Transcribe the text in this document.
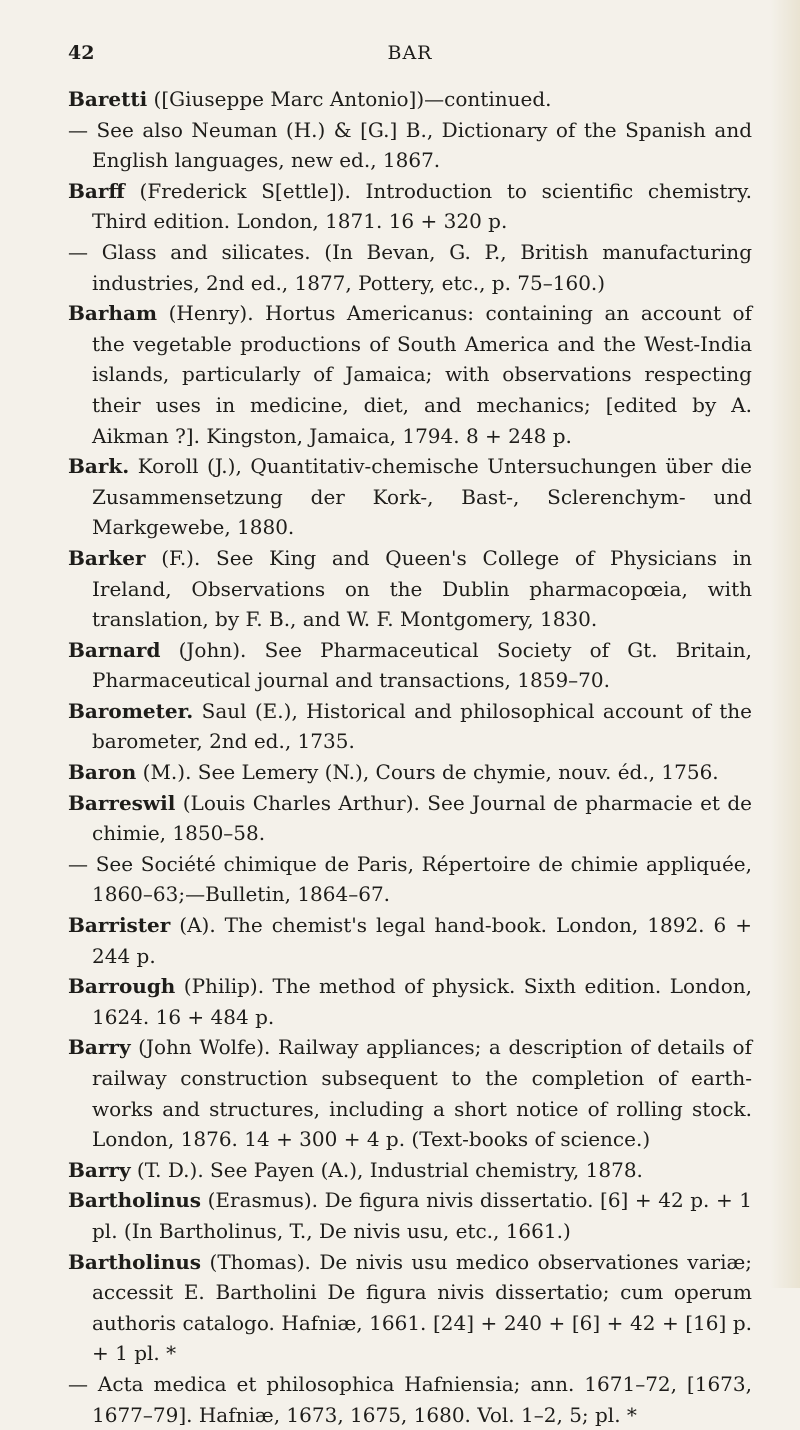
42	BAR

Baretti ([Giuseppe Marc Antonio])—continued.

— See also Neuman (H.) & [G.] B., Dictionary of the Spanish and English languages, new ed., 1867.

Barff (Frederick S[ettle]). Introduction to scientific chemistry. Third edition. London, 1871. 16 + 320 p.

— Glass and silicates. (In Bevan, G. P., British manufacturing industries, 2nd ed., 1877, Pottery, etc., p. 75–160.)

Barham (Henry). Hortus Americanus: containing an account of the vegetable productions of South America and the West-India islands, particularly of Jamaica; with observations respecting their uses in medicine, diet, and mechanics; [edited by A. Aikman ?]. Kingston, Jamaica, 1794. 8 + 248 p.

Bark. Koroll (J.), Quantitativ-chemische Untersuchungen über die Zusammensetzung der Kork-, Bast-, Sclerenchym- und Markgewebe, 1880.

Barker (F.). See King and Queen's College of Physicians in Ireland, Observations on the Dublin pharmacopœia, with translation, by F. B., and W. F. Montgomery, 1830.

Barnard (John). See Pharmaceutical Society of Gt. Britain, Pharmaceutical journal and transactions, 1859–70.

Barometer. Saul (E.), Historical and philosophical account of the barometer, 2nd ed., 1735.

Baron (M.). See Lemery (N.), Cours de chymie, nouv. éd., 1756.

Barreswil (Louis Charles Arthur). See Journal de pharmacie et de chimie, 1850–58.

— See Société chimique de Paris, Répertoire de chimie appliquée, 1860–63;—Bulletin, 1864–67.

Barrister (A). The chemist's legal hand-book. London, 1892. 6 + 244 p.

Barrough (Philip). The method of physick. Sixth edition. London, 1624. 16 + 484 p.

Barry (John Wolfe). Railway appliances; a description of details of railway construction subsequent to the completion of earth-works and structures, including a short notice of rolling stock. London, 1876. 14 + 300 + 4 p. (Text-books of science.)

Barry (T. D.). See Payen (A.), Industrial chemistry, 1878.

Bartholinus (Erasmus). De figura nivis dissertatio. [6] + 42 p. + 1 pl. (In Bartholinus, T., De nivis usu, etc., 1661.)

Bartholinus (Thomas). De nivis usu medico observationes variæ; accessit E. Bartholini De figura nivis dissertatio; cum operum authoris catalogo. Hafniæ, 1661. [24] + 240 + [6] + 42 + [16] p. + 1 pl. *

— Acta medica et philosophica Hafniensia; ann. 1671–72, [1673, 1677–79]. Hafniæ, 1673, 1675, 1680. Vol. 1–2, 5; pl. *
